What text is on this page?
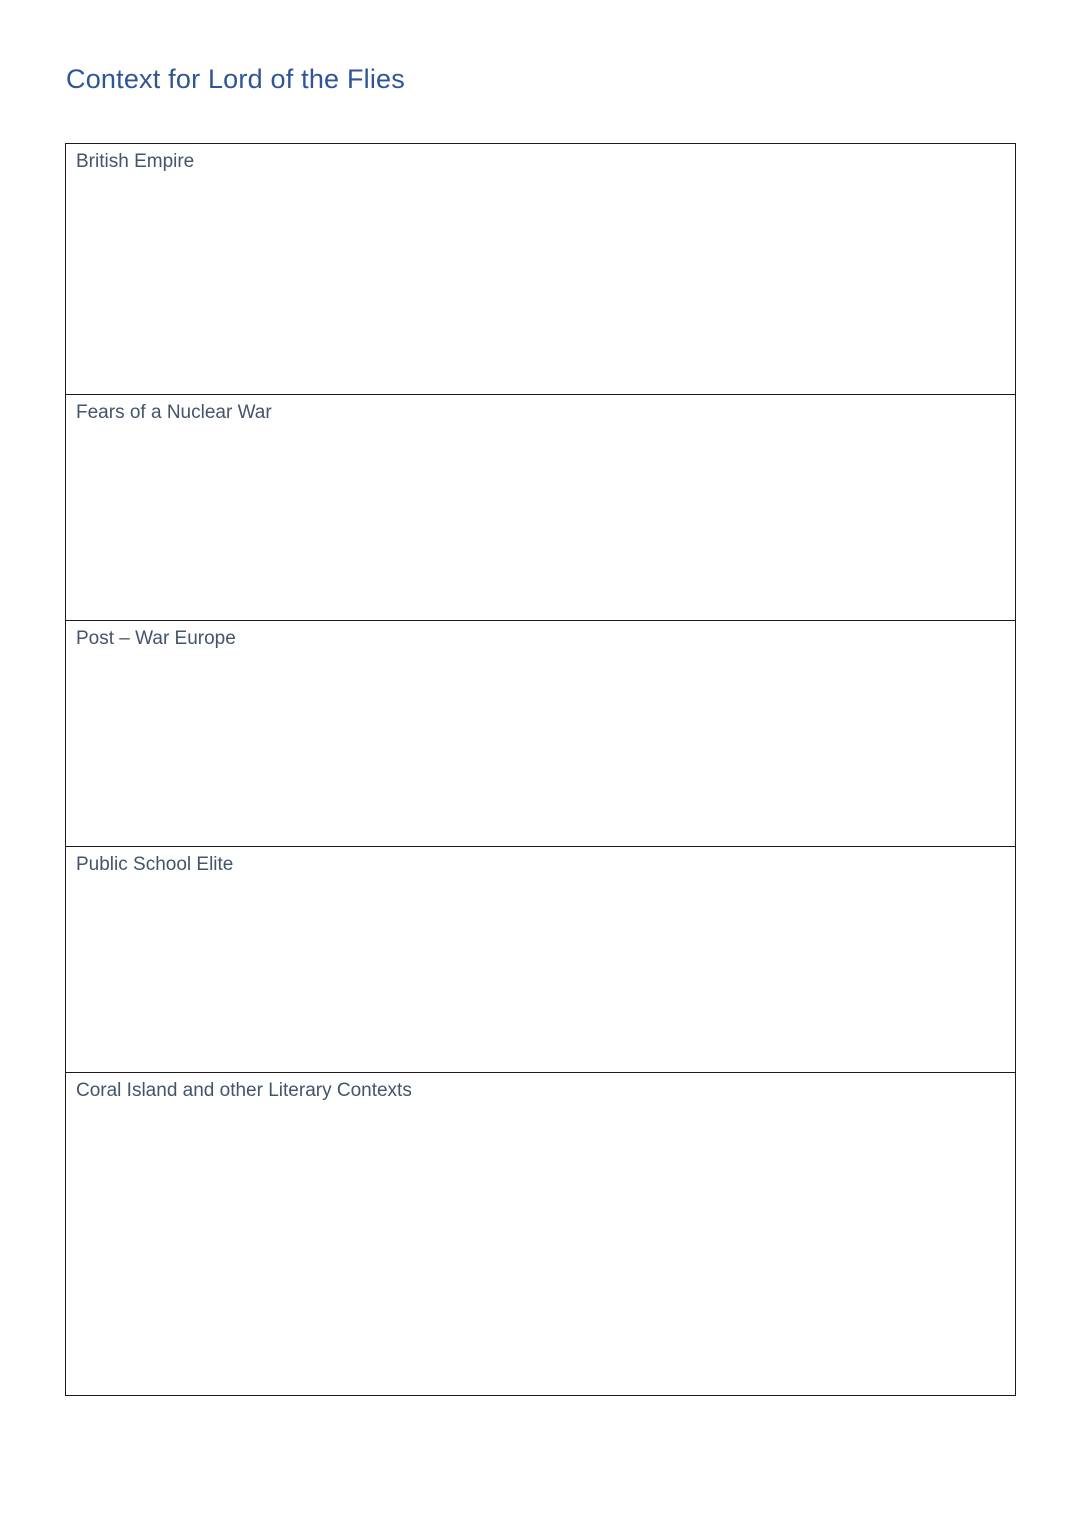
Context for Lord of the Flies
British Empire
Fears of a Nuclear War
Post – War Europe
Public School Elite
Coral Island and other Literary Contexts
